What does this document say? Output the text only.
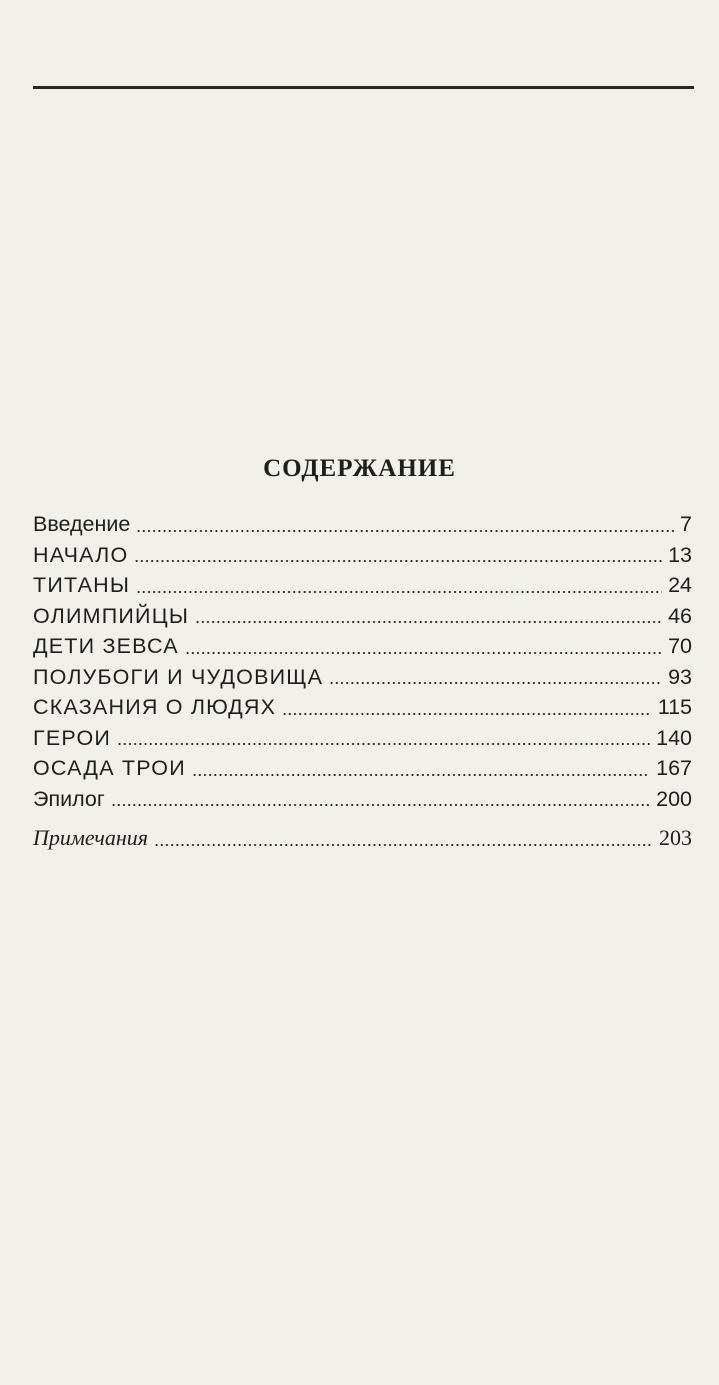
СОДЕРЖАНИЕ
Введение	7
НАЧАЛО	13
ТИТАНЫ	24
ОЛИМПИЙЦЫ	46
ДЕТИ ЗЕВСА	70
ПОЛУБОГИ И ЧУДОВИЩА	93
СКАЗАНИЯ О ЛЮДЯХ	115
ГЕРОИ	140
ОСАДА ТРОИ	167
Эпилог	200
Примечания	203
